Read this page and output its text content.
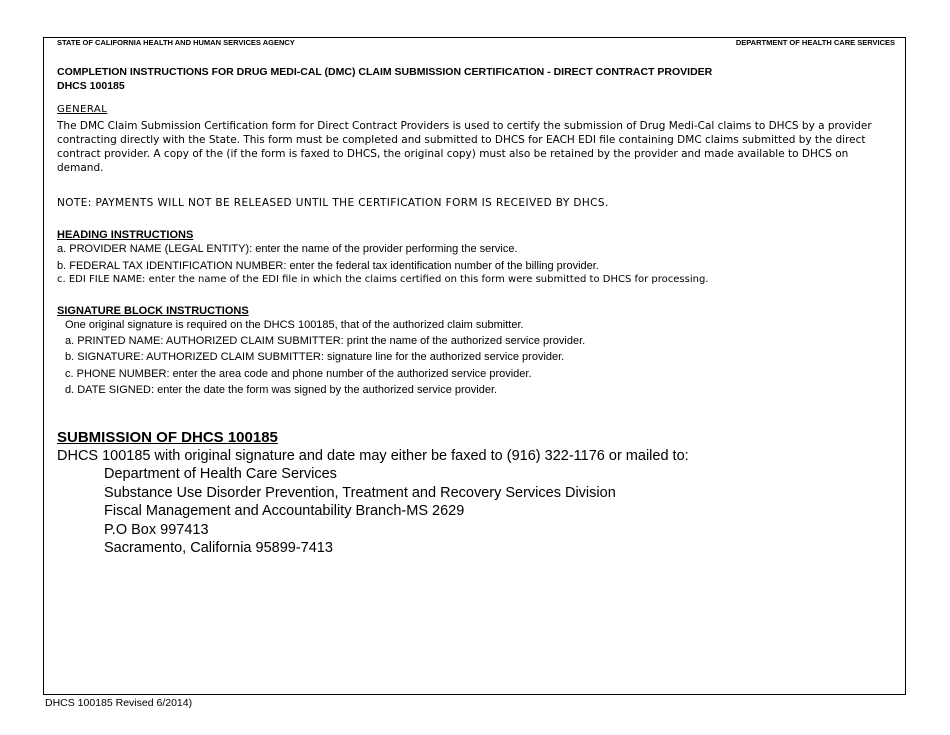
STATE OF CALIFORNIA HEALTH AND HUMAN SERVICES AGENCY	DEPARTMENT OF HEALTH CARE SERVICES
COMPLETION INSTRUCTIONS FOR DRUG MEDI-CAL (DMC) CLAIM SUBMISSION CERTIFICATION - DIRECT CONTRACT PROVIDER
DHCS 100185
GENERAL
The DMC Claim Submission Certification form for Direct Contract Providers is used to certify the submission of Drug Medi-Cal claims to DHCS by a provider contracting directly with the State. This form must be completed and submitted to DHCS for EACH EDI file containing DMC claims submitted by the direct contract provider. A copy of the (if the form is faxed to DHCS, the original copy) must also be retained by the provider and made available to DHCS on demand.
NOTE: PAYMENTS WILL NOT BE RELEASED UNTIL THE CERTIFICATION FORM IS RECEIVED BY DHCS.
HEADING INSTRUCTIONS
a. PROVIDER NAME (LEGAL ENTITY): enter the name of the provider performing the service.
b. FEDERAL TAX IDENTIFICATION NUMBER: enter the federal tax identification number of the billing provider.
c. EDI FILE NAME: enter the name of the EDI file in which the claims certified on this form were submitted to DHCS for processing.
SIGNATURE BLOCK INSTRUCTIONS
One original signature is required on the DHCS 100185, that of the authorized claim submitter.
a. PRINTED NAME: AUTHORIZED CLAIM SUBMITTER: print the name of the authorized service provider.
b. SIGNATURE: AUTHORIZED CLAIM SUBMITTER: signature line for the authorized service provider.
c. PHONE NUMBER: enter the area code and phone number of the authorized service provider.
d. DATE SIGNED: enter the date the form was signed by the authorized service provider.
SUBMISSION OF DHCS 100185
DHCS 100185 with original signature and date may either be faxed to (916) 322-1176 or mailed to:
Department of Health Care Services
Substance Use Disorder Prevention, Treatment and Recovery Services Division
Fiscal Management and Accountability Branch-MS 2629
P.O Box 997413
Sacramento, California 95899-7413
DHCS 100185 Revised 6/2014)
